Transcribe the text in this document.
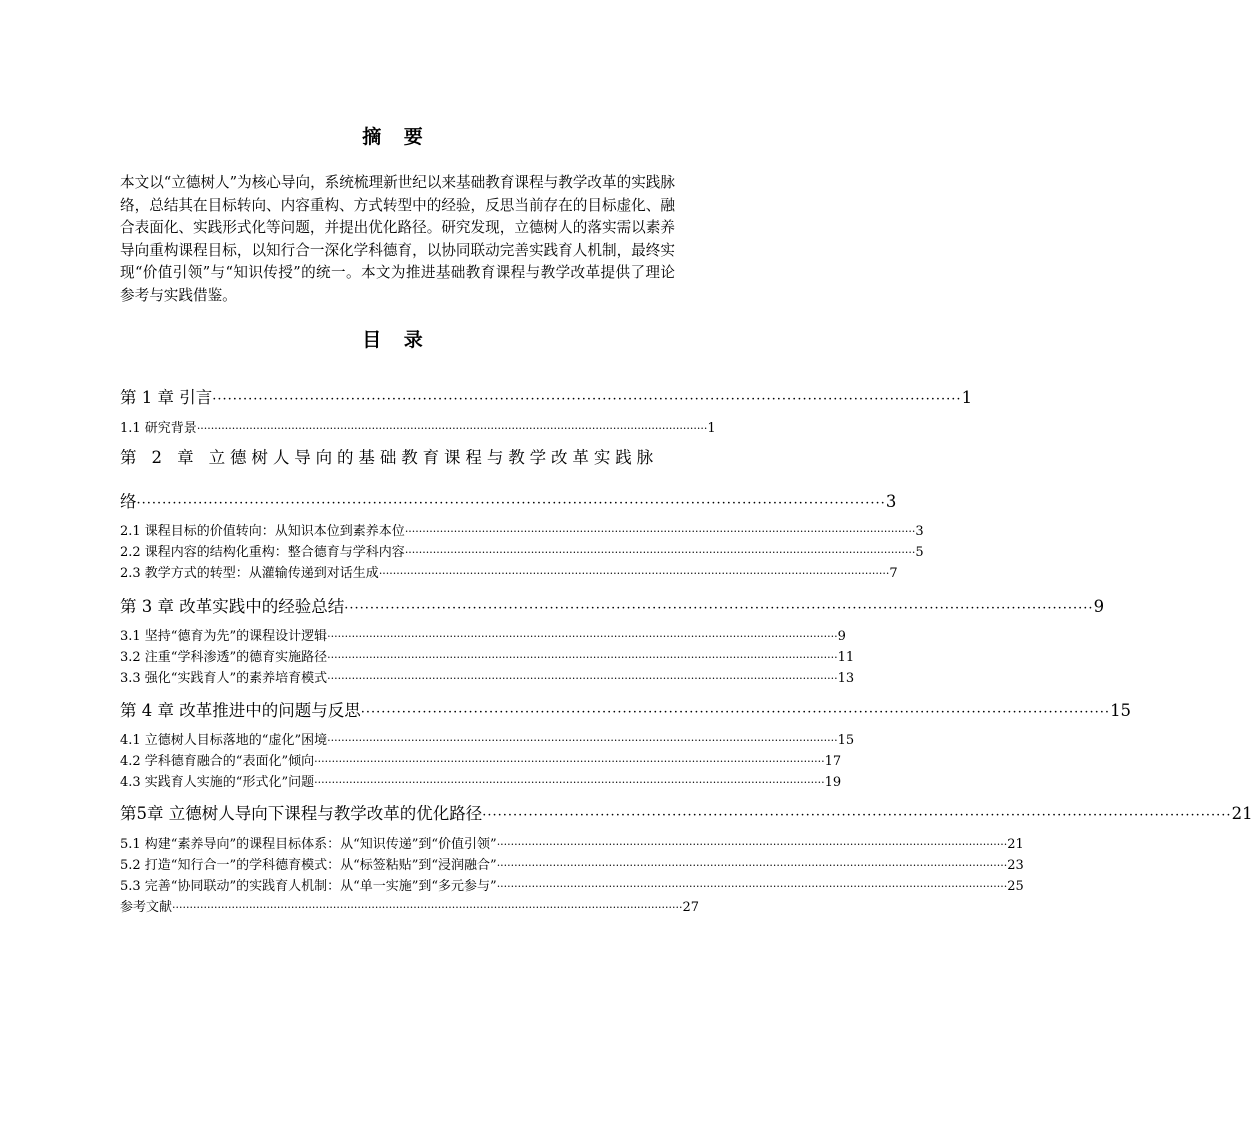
摘 要
本文以“立德树人”为核心导向，系统梳理新世纪以来基础教育课程与教学改革的实践脉络，总结其在目标转向、内容重构、方式转型中的经验，反思当前存在的目标虚化、融合表面化、实践形式化等问题，并提出优化路径。研究发现，立德树人的落实需以素养导向重构课程目标，以知行合一深化学科德育，以协同联动完善实践育人机制，最终实现“价值引领”与“知识传授”的统一。本文为推进基础教育课程与教学改革提供了理论参考与实践借鉴。
目 录
第 1 章 引言 ·················································································································································· 1
1.1 研究背景 ·················································································································································· 1
第 2 章 立德树人导向的基础教育课程与教学改革实践脉
络 ·················································································································································· 3
2.1 课程目标的价值转向：从知识本位到素养本位 ·················································································································································· 3
2.2 课程内容的结构化重构：整合德育与学科内容 ·················································································································································· 5
2.3 教学方式的转型：从灌输传递到对话生成 ·················································································································································· 7
第 3 章 改革实践中的经验总结 ·················································································································································· 9
3.1 坚持“德育为先”的课程设计逻辑 ·················································································································································· 9
3.2 注重“学科渗透”的德育实施路径 ·················································································································································· 11
3.3 强化“实践育人”的素养培育模式 ·················································································································································· 13
第 4 章 改革推进中的问题与反思 ·················································································································································· 15
4.1 立德树人目标落地的“虚化”困境 ·················································································································································· 15
4.2 学科德育融合的“表面化”倾向 ·················································································································································· 17
4.3 实践育人实施的“形式化”问题 ·················································································································································· 19
第5章 立德树人导向下课程与教学改革的优化路径 ·················································································································································· 21
5.1 构建“素养导向”的课程目标体系：从“知识传递”到“价值引领” ·················································································································································· 21
5.2 打造“知行合一”的学科德育模式：从“标签粘贴”到“浸润融合” ·················································································································································· 23
5.3 完善“协同联动”的实践育人机制：从“单一实施”到“多元参与” ·················································································································································· 25
参考文献 ·················································································································································· 27
